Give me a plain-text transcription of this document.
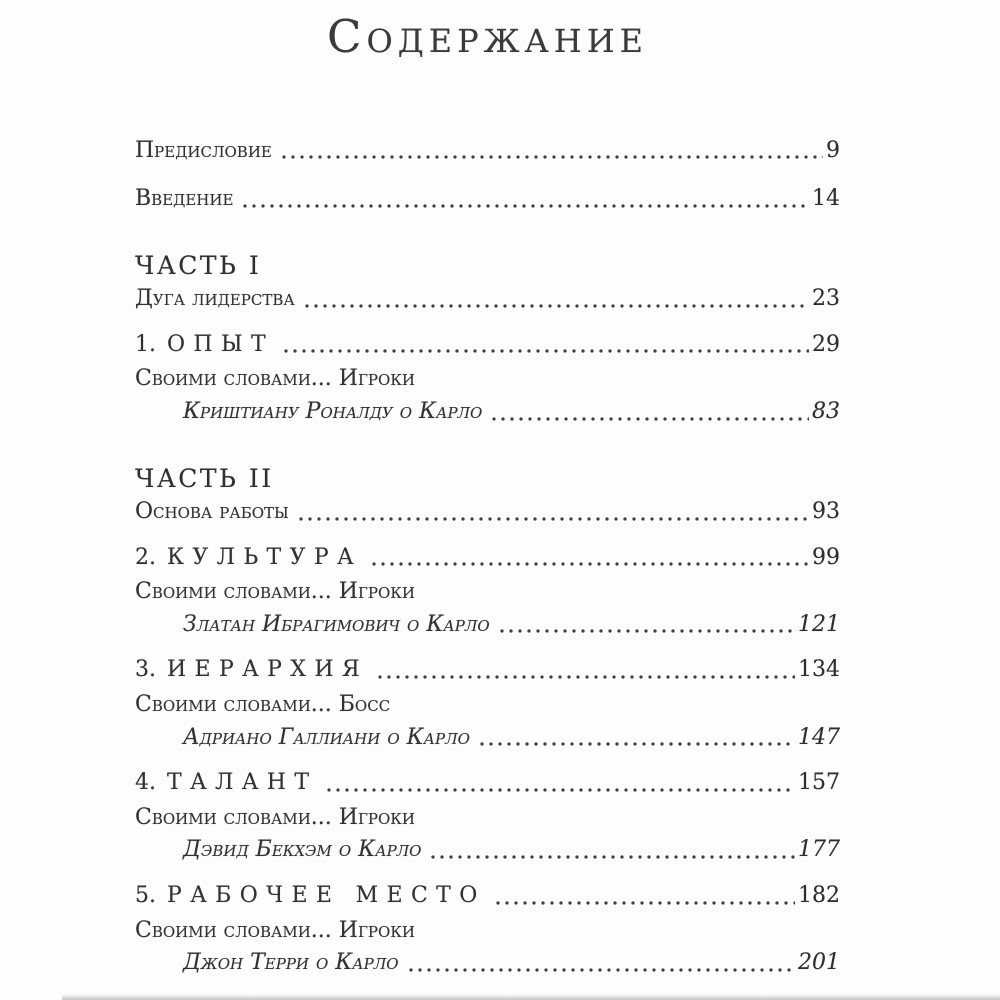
Содержание
Предисловие	9
Введение	14
ЧАСТЬ I
Дуга лидерства	23
1. ОПЫТ	29
Своими словами... Игроки
Криштиану Роналду о Карло	83
ЧАСТЬ II
Основа работы	93
2. КУЛЬТУРА	99
Своими словами... Игроки
Златан Ибрагимович о Карло	121
3. ИЕРАРХИЯ	134
Своими словами... Босс
Адриано Галлиани о Карло	147
4. ТАЛАНТ	157
Своими словами... Игроки
Дэвид Бекхэм о Карло	177
5. РАБОЧЕЕ МЕСТО	182
Своими словами... Игроки
Джон Терри о Карло	201
